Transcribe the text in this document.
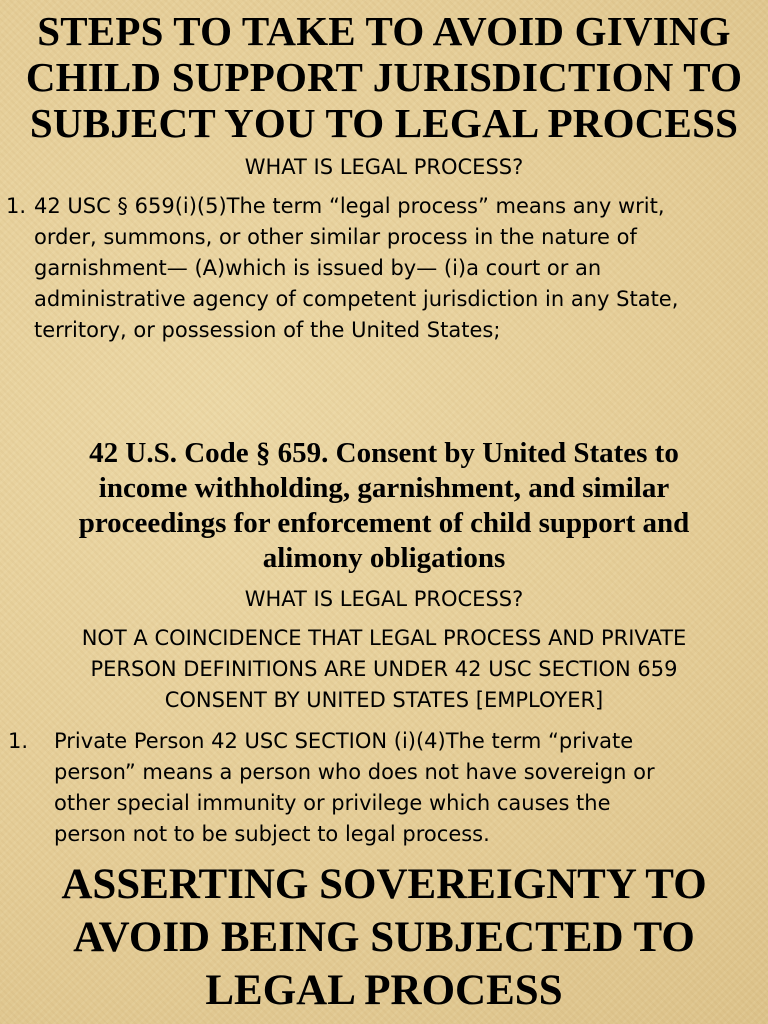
STEPS TO TAKE TO AVOID GIVING
CHILD SUPPORT JURISDICTION TO
SUBJECT YOU TO LEGAL PROCESS
WHAT IS LEGAL PROCESS?
1. 42 USC § 659(i)(5)The term “legal process” means any writ,
order, summons, or other similar process in the nature of
garnishment— (A)which is issued by— (i)a court or an
administrative agency of competent jurisdiction in any State,
territory, or possession of the United States;
42 U.S. Code § 659. Consent by United States to
income withholding, garnishment, and similar
proceedings for enforcement of child support and
alimony obligations
WHAT IS LEGAL PROCESS?
NOT A COINCIDENCE THAT LEGAL PROCESS AND PRIVATE
PERSON DEFINITIONS ARE UNDER 42 USC SECTION 659
CONSENT BY UNITED STATES [EMPLOYER]
1. Private Person 42 USC SECTION (i)(4)The term “private
person” means a person who does not have sovereign or
other special immunity or privilege which causes the
person not to be subject to legal process.
ASSERTING SOVEREIGNTY TO
AVOID BEING SUBJECTED TO
LEGAL PROCESS
